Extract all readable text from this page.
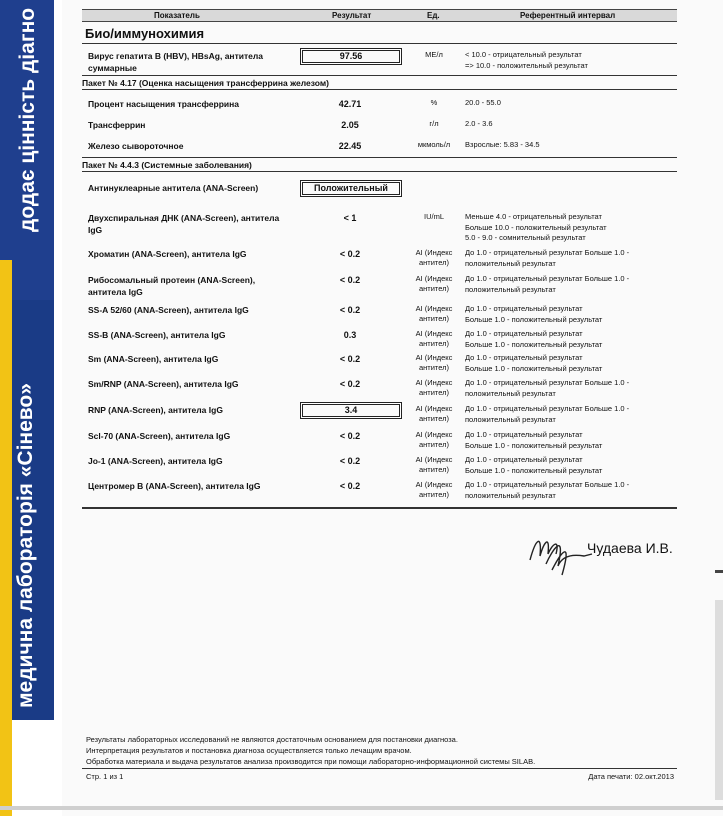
додає цінність діагно
медична лабораторія «Сінево»
Показатель	Результат	Ед.	Референтный интервал
Био/иммунохимия
Вирус гепатита В (HBV), HBsAg, антитела суммарные
97.56	МЕ/л	< 10.0 - отрицательный результат
=> 10.0 - положительный результат
Пакет № 4.17 (Оценка насыщения трансферрина железом)
Процент насыщения трансферрина	42.71	%	20.0 - 55.0
Трансферрин	2.05	г/л	2.0 - 3.6
Железо сывороточное	22.45	мкмоль/л	Взрослые: 5.83 - 34.5
Пакет № 4.4.3 (Системные заболевания)
Антинуклеарные антитела (ANA-Screen)	Положительный
Двухспиральная ДНК (ANA-Screen), антитела IgG
< 1	IU/mL	Меньше 4.0 - отрицательный результат
Больше 10.0 - положительный результат
5.0 - 9.0 - сомнительный результат
Хроматин (ANA-Screen), антитела IgG	< 0.2	AI (Индекс антител)
До 1.0 - отрицательный результат Больше 1.0 -
положительный результат
Рибосомальный протеин (ANA-Screen), антитела IgG
< 0.2	AI (Индекс антител)
До 1.0 - отрицательный результат Больше 1.0 -
положительный результат
SS-A 52/60 (ANA-Screen), антитела IgG	< 0.2	AI (Индекс антител)
До 1.0 - отрицательный результат
Больше 1.0 - положительный результат
SS-B (ANA-Screen), антитела IgG	0.3	AI (Индекс антител)
До 1.0 - отрицательный результат
Больше 1.0 - положительный результат
Sm (ANA-Screen), антитела IgG	< 0.2	AI (Индекс антител)
До 1.0 - отрицательный результат
Больше 1.0 - положительный результат
Sm/RNP (ANA-Screen), антитела IgG	< 0.2	AI (Индекс антител)
До 1.0 - отрицательный результат Больше 1.0 -
положительный результат
RNP (ANA-Screen), антитела IgG	3.4	AI (Индекс антител)
До 1.0 - отрицательный результат Больше 1.0 -
положительный результат
Scl-70 (ANA-Screen), антитела IgG	< 0.2	AI (Индекс антител)
До 1.0 - отрицательный результат
Больше 1.0 - положительный результат
Jo-1 (ANA-Screen), антитела IgG	< 0.2	AI (Индекс антител)
До 1.0 - отрицательный результат
Больше 1.0 - положительный результат
Центромер В (ANA-Screen), антитела IgG	< 0.2	AI (Индекс антител)
До 1.0 - отрицательный результат Больше 1.0 -
положительный результат
Чудаева И.В.
Результаты лабораторных исследований не являются достаточным основанием для постановки диагноза.
Интерпретация результатов и постановка диагноза осуществляется только лечащим врачом.
Обработка материала и выдача результатов анализа производится при помощи лабораторно-информационной системы SILAB.
Стр. 1 из 1	Дата печати: 02.окт.2013
